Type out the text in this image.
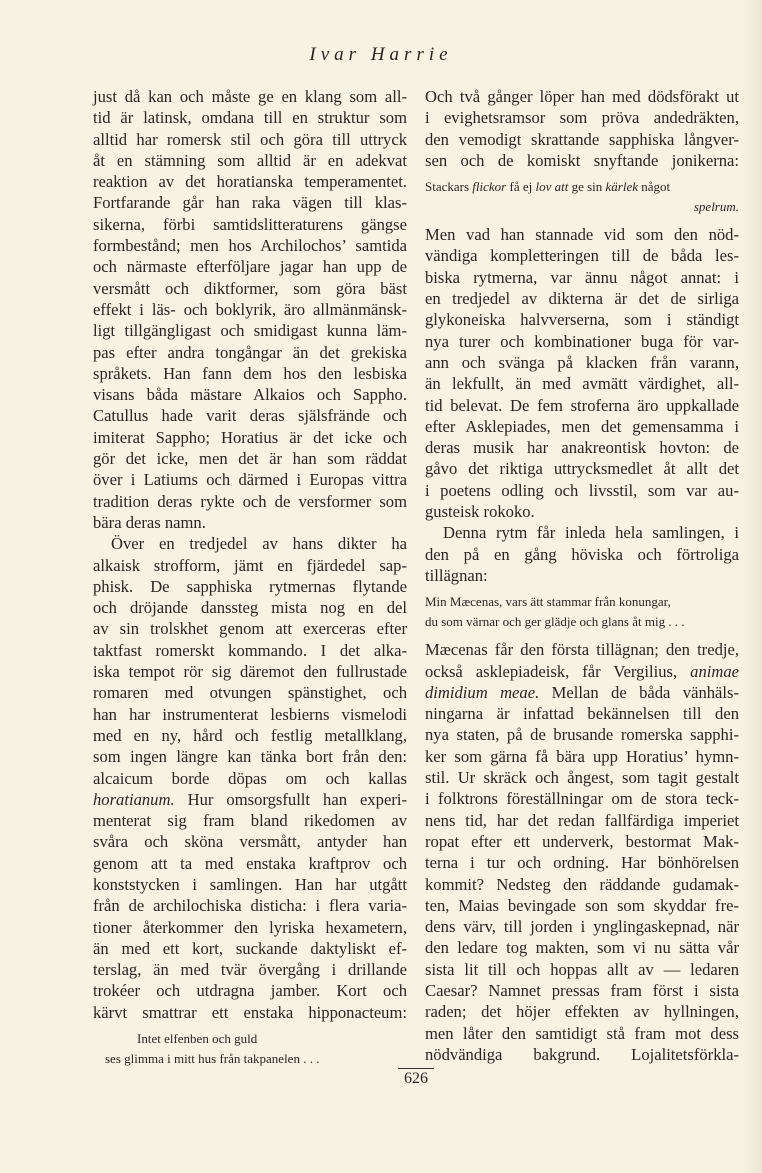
Ivar Harrie
just då kan och måste ge en klang som all-
tid är latinsk, omdana till en struktur som
alltid har romersk stil och göra till uttryck
åt en stämning som alltid är en adekvat
reaktion av det horatianska temperamentet.
Fortfarande går han raka vägen till klas-
sikerna, förbi samtidslitteraturens gängse
formbestånd; men hos Archilochos’ samtida
och närmaste efterföljare jagar han upp de
versmått och diktformer, som göra bäst
effekt i läs- och boklyrik, äro allmänmänsk-
ligt tillgängligast och smidigast kunna läm-
pas efter andra tongångar än det grekiska
språkets. Han fann dem hos den lesbiska
visans båda mästare Alkaios och Sappho.
Catullus hade varit deras själsfrände och
imiterat Sappho; Horatius är det icke och
gör det icke, men det är han som räddat
över i Latiums och därmed i Europas vittra
tradition deras rykte och de versformer som
bära deras namn.
Över en tredjedel av hans dikter ha
alkaisk strofform, jämt en fjärdedel sap-
phisk. De sapphiska rytmernas flytande
och dröjande danssteg mista nog en del
av sin trolskhet genom att exerceras efter
taktfast romerskt kommando. I det alka-
iska tempot rör sig däremot den fullrustade
romaren med otvungen spänstighet, och
han har instrumenterat lesbierns vismelodi
med en ny, hård och festlig metallklang,
som ingen längre kan tänka bort från den:
alcaicum borde döpas om och kallas
horatianum. Hur omsorgsfullt han experi-
menterat sig fram bland rikedomen av
svåra och sköna versmått, antyder han
genom att ta med enstaka kraftprov och
konststycken i samlingen. Han har utgått
från de archilochiska disticha: i flera varia-
tioner återkommer den lyriska hexametern,
än med ett kort, suckande daktyliskt ef-
terslag, än med tvär övergång i drillande
trokéer och utdragna jamber. Kort och
kärvt smattrar ett enstaka hipponacteum:
Intet elfenben och guld
ses glimma i mitt hus från takpanelen . . .
Och två gånger löper han med dödsförakt ut
i evighetsramsor som pröva andedräkten,
den vemodigt skrattande sapphiska långver-
sen och de komiskt snyftande jonikerna:
Stackars flickor få ej lov att ge sin kärlek något
spelrum.
Men vad han stannade vid som den nöd-
vändiga kompletteringen till de båda les-
biska rytmerna, var ännu något annat: i
en tredjedel av dikterna är det de sirliga
glykoneiska halvverserna, som i ständigt
nya turer och kombinationer buga för var-
ann och svänga på klacken från varann,
än lekfullt, än med avmätt värdighet, all-
tid belevat. De fem stroferna äro uppkallade
efter Asklepiades, men det gemensamma i
deras musik har anakreontisk hovton: de
gåvo det riktiga uttrycksmedlet åt allt det
i poetens odling och livsstil, som var au-
gusteisk rokoko.
Denna rytm får inleda hela samlingen, i
den på en gång höviska och förtroliga
tillägnan:
Min Mæcenas, vars ätt stammar från konungar,
du som värnar och ger glädje och glans åt mig . . .
Mæcenas får den första tillägnan; den tredje,
också asklepiadeisk, får Vergilius, animae
dimidium meae. Mellan de båda vänhäls-
ningarna är infattad bekännelsen till den
nya staten, på de brusande romerska sapphi-
ker som gärna få bära upp Horatius’ hymn-
stil. Ur skräck och ångest, som tagit gestalt
i folktrons föreställningar om de stora teck-
nens tid, har det redan fallfärdiga imperiet
ropat efter ett underverk, bestormat Mak-
terna i tur och ordning. Har bönhörelsen
kommit? Nedsteg den räddande gudamak-
ten, Maias bevingade son som skyddar fre-
dens värv, till jorden i ynglingaskepnad, när
den ledare tog makten, som vi nu sätta vår
sista lit till och hoppas allt av — ledaren
Caesar? Namnet pressas fram först i sista
raden; det höjer effekten av hyllningen,
men låter den samtidigt stå fram mot dess
nödvändiga bakgrund. Lojalitetsförkla-
626
